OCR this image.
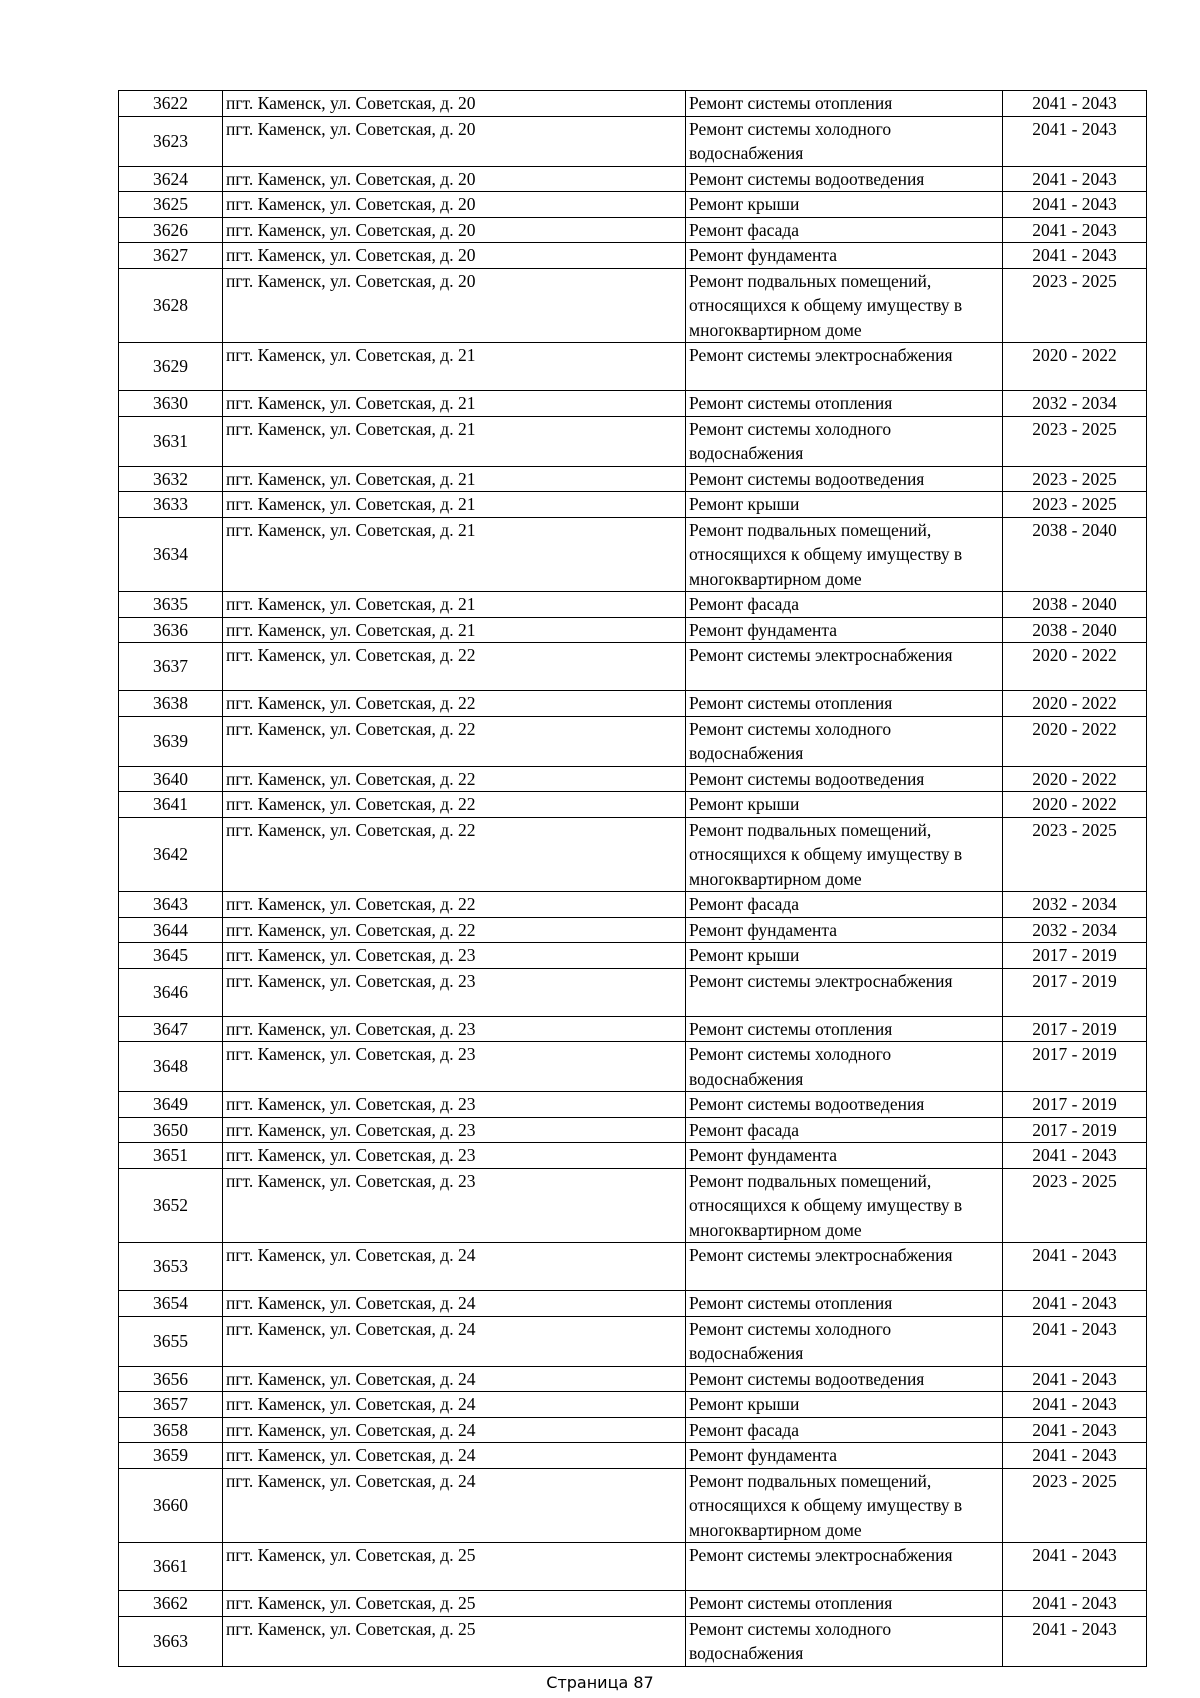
3622	пгт. Каменск, ул. Советская, д. 20	Ремонт системы отопления	2041 - 2043
3623	пгт. Каменск, ул. Советская, д. 20	Ремонт системы холодного водоснабжения	2041 - 2043
3624	пгт. Каменск, ул. Советская, д. 20	Ремонт системы водоотведения	2041 - 2043
3625	пгт. Каменск, ул. Советская, д. 20	Ремонт крыши	2041 - 2043
3626	пгт. Каменск, ул. Советская, д. 20	Ремонт фасада	2041 - 2043
3627	пгт. Каменск, ул. Советская, д. 20	Ремонт фундамента	2041 - 2043
3628	пгт. Каменск, ул. Советская, д. 20	Ремонт подвальных помещений, относящихся к общему имуществу в многоквартирном доме	2023 - 2025
3629	пгт. Каменск, ул. Советская, д. 21	Ремонт системы электроснабжения	2020 - 2022
3630	пгт. Каменск, ул. Советская, д. 21	Ремонт системы отопления	2032 - 2034
3631	пгт. Каменск, ул. Советская, д. 21	Ремонт системы холодного водоснабжения	2023 - 2025
3632	пгт. Каменск, ул. Советская, д. 21	Ремонт системы водоотведения	2023 - 2025
3633	пгт. Каменск, ул. Советская, д. 21	Ремонт крыши	2023 - 2025
3634	пгт. Каменск, ул. Советская, д. 21	Ремонт подвальных помещений, относящихся к общему имуществу в многоквартирном доме	2038 - 2040
3635	пгт. Каменск, ул. Советская, д. 21	Ремонт фасада	2038 - 2040
3636	пгт. Каменск, ул. Советская, д. 21	Ремонт фундамента	2038 - 2040
3637	пгт. Каменск, ул. Советская, д. 22	Ремонт системы электроснабжения	2020 - 2022
3638	пгт. Каменск, ул. Советская, д. 22	Ремонт системы отопления	2020 - 2022
3639	пгт. Каменск, ул. Советская, д. 22	Ремонт системы холодного водоснабжения	2020 - 2022
3640	пгт. Каменск, ул. Советская, д. 22	Ремонт системы водоотведения	2020 - 2022
3641	пгт. Каменск, ул. Советская, д. 22	Ремонт крыши	2020 - 2022
3642	пгт. Каменск, ул. Советская, д. 22	Ремонт подвальных помещений, относящихся к общему имуществу в многоквартирном доме	2023 - 2025
3643	пгт. Каменск, ул. Советская, д. 22	Ремонт фасада	2032 - 2034
3644	пгт. Каменск, ул. Советская, д. 22	Ремонт фундамента	2032 - 2034
3645	пгт. Каменск, ул. Советская, д. 23	Ремонт крыши	2017 - 2019
3646	пгт. Каменск, ул. Советская, д. 23	Ремонт системы электроснабжения	2017 - 2019
3647	пгт. Каменск, ул. Советская, д. 23	Ремонт системы отопления	2017 - 2019
3648	пгт. Каменск, ул. Советская, д. 23	Ремонт системы холодного водоснабжения	2017 - 2019
3649	пгт. Каменск, ул. Советская, д. 23	Ремонт системы водоотведения	2017 - 2019
3650	пгт. Каменск, ул. Советская, д. 23	Ремонт фасада	2017 - 2019
3651	пгт. Каменск, ул. Советская, д. 23	Ремонт фундамента	2041 - 2043
3652	пгт. Каменск, ул. Советская, д. 23	Ремонт подвальных помещений, относящихся к общему имуществу в многоквартирном доме	2023 - 2025
3653	пгт. Каменск, ул. Советская, д. 24	Ремонт системы электроснабжения	2041 - 2043
3654	пгт. Каменск, ул. Советская, д. 24	Ремонт системы отопления	2041 - 2043
3655	пгт. Каменск, ул. Советская, д. 24	Ремонт системы холодного водоснабжения	2041 - 2043
3656	пгт. Каменск, ул. Советская, д. 24	Ремонт системы водоотведения	2041 - 2043
3657	пгт. Каменск, ул. Советская, д. 24	Ремонт крыши	2041 - 2043
3658	пгт. Каменск, ул. Советская, д. 24	Ремонт фасада	2041 - 2043
3659	пгт. Каменск, ул. Советская, д. 24	Ремонт фундамента	2041 - 2043
3660	пгт. Каменск, ул. Советская, д. 24	Ремонт подвальных помещений, относящихся к общему имуществу в многоквартирном доме	2023 - 2025
3661	пгт. Каменск, ул. Советская, д. 25	Ремонт системы электроснабжения	2041 - 2043
3662	пгт. Каменск, ул. Советская, д. 25	Ремонт системы отопления	2041 - 2043
3663	пгт. Каменск, ул. Советская, д. 25	Ремонт системы холодного водоснабжения	2041 - 2043
Страница 87
